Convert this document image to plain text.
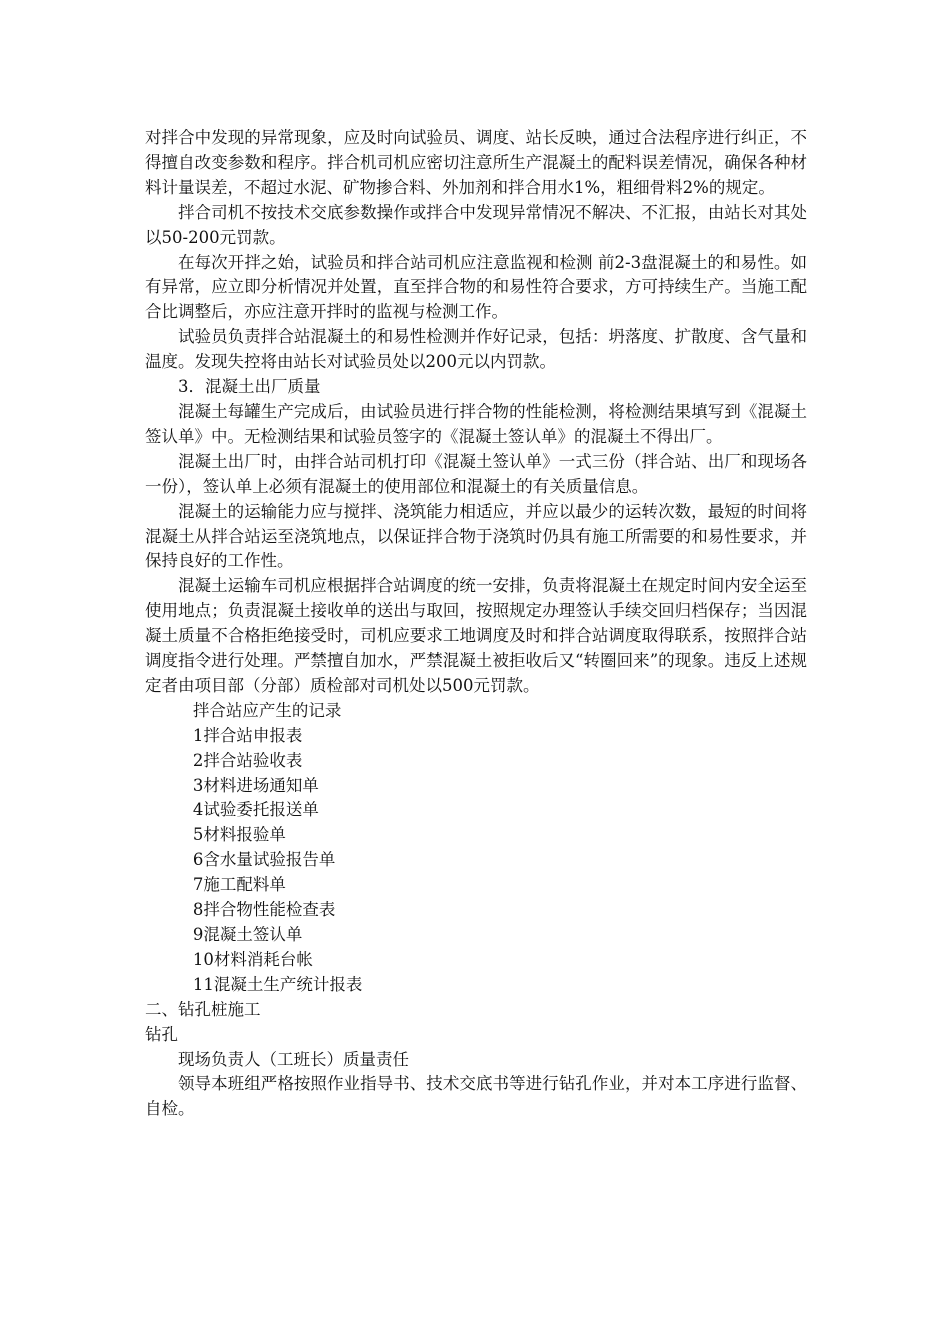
对拌合中发现的异常现象，应及时向试验员、调度、站长反映，通过合法程序进行纠正，不得擅自改变参数和程序。拌合机司机应密切注意所生产混凝土的配料误差情况，确保各种材料计量误差，不超过水泥、矿物掺合料、外加剂和拌合用水1%，粗细骨料2%的规定。

拌合司机不按技术交底参数操作或拌合中发现异常情况不解决、不汇报，由站长对其处以50-200元罚款。

在每次开拌之始，试验员和拌合站司机应注意监视和检测 前2-3盘混凝土的和易性。如有异常，应立即分析情况并处置，直至拌合物的和易性符合要求，方可持续生产。当施工配合比调整后，亦应注意开拌时的监视与检测工作。

试验员负责拌合站混凝土的和易性检测并作好记录，包括：坍落度、扩散度、含气量和温度。发现失控将由站长对试验员处以200元以内罚款。

3．混凝土出厂质量

混凝土每罐生产完成后，由试验员进行拌合物的性能检测，将检测结果填写到《混凝土签认单》中。无检测结果和试验员签字的《混凝土签认单》的混凝土不得出厂。

混凝土出厂时，由拌合站司机打印《混凝土签认单》一式三份（拌合站、出厂和现场各一份），签认单上必须有混凝土的使用部位和混凝土的有关质量信息。

混凝土的运输能力应与搅拌、浇筑能力相适应，并应以最少的运转次数，最短的时间将混凝土从拌合站运至浇筑地点，以保证拌合物于浇筑时仍具有施工所需要的和易性要求，并保持良好的工作性。

混凝土运输车司机应根据拌合站调度的统一安排，负责将混凝土在规定时间内安全运至使用地点；负责混凝土接收单的送出与取回，按照规定办理签认手续交回归档保存；当因混凝土质量不合格拒绝接受时，司机应要求工地调度及时和拌合站调度取得联系，按照拌合站调度指令进行处理。严禁擅自加水，严禁混凝土被拒收后又“转圈回来”的现象。违反上述规定者由项目部（分部）质检部对司机处以500元罚款。

拌合站应产生的记录

1拌合站申报表

2拌合站验收表

3材料进场通知单

4试验委托报送单

5材料报验单

6含水量试验报告单

7施工配料单

8拌合物性能检查表

9混凝土签认单

10材料消耗台帐

11混凝土生产统计报表

二、钻孔桩施工

钻孔

现场负责人（工班长）质量责任

领导本班组严格按照作业指导书、技术交底书等进行钻孔作业，并对本工序进行监督、自检。
